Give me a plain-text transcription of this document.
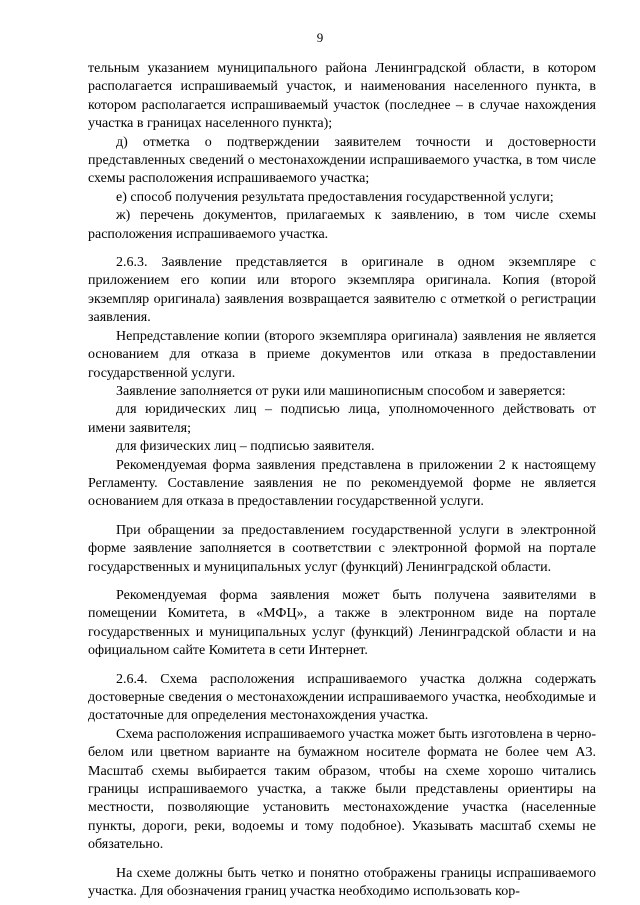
9

тельным указанием муниципального района Ленинградской области, в котором располагается испрашиваемый участок, и наименования населенного пункта, в котором располагается испрашиваемый участок (последнее – в случае нахождения участка в границах населенного пункта);

д) отметка о подтверждении заявителем точности и достоверности представленных сведений о местонахождении испрашиваемого участка, в том числе схемы расположения испрашиваемого участка;

е) способ получения результата предоставления государственной услуги;

ж) перечень документов, прилагаемых к заявлению, в том числе схемы расположения испрашиваемого участка.

2.6.3. Заявление представляется в оригинале в одном экземпляре с приложением его копии или второго экземпляра оригинала. Копия (второй экземпляр оригинала) заявления возвращается заявителю с отметкой о регистрации заявления.

Непредставление копии (второго экземпляра оригинала) заявления не является основанием для отказа в приеме документов или отказа в предоставлении государственной услуги.

Заявление заполняется от руки или машинописным способом и заверяется:

для юридических лиц – подписью лица, уполномоченного действовать от имени заявителя;

для физических лиц – подписью заявителя.

Рекомендуемая форма заявления представлена в приложении 2 к настоящему Регламенту. Составление заявления не по рекомендуемой форме не является основанием для отказа в предоставлении государственной услуги.

При обращении за предоставлением государственной услуги в электронной форме заявление заполняется в соответствии с электронной формой на портале государственных и муниципальных услуг (функций) Ленинградской области.

Рекомендуемая форма заявления может быть получена заявителями в помещении Комитета, в «МФЦ», а также в электронном виде на портале государственных и муниципальных услуг (функций) Ленинградской области и на официальном сайте Комитета в сети Интернет.

2.6.4. Схема расположения испрашиваемого участка должна содержать достоверные сведения о местонахождении испрашиваемого участка, необходимые и достаточные для определения местонахождения участка.

Схема расположения испрашиваемого участка может быть изготовлена в черно-белом или цветном варианте на бумажном носителе формата не более чем А3. Масштаб схемы выбирается таким образом, чтобы на схеме хорошо читались границы испрашиваемого участка, а также были представлены ориентиры на местности, позволяющие установить местонахождение участка (населенные пункты, дороги, реки, водоемы и тому подобное). Указывать масштаб схемы не обязательно.

На схеме должны быть четко и понятно отображены границы испрашиваемого участка. Для обозначения границ участка необходимо использовать кор-
